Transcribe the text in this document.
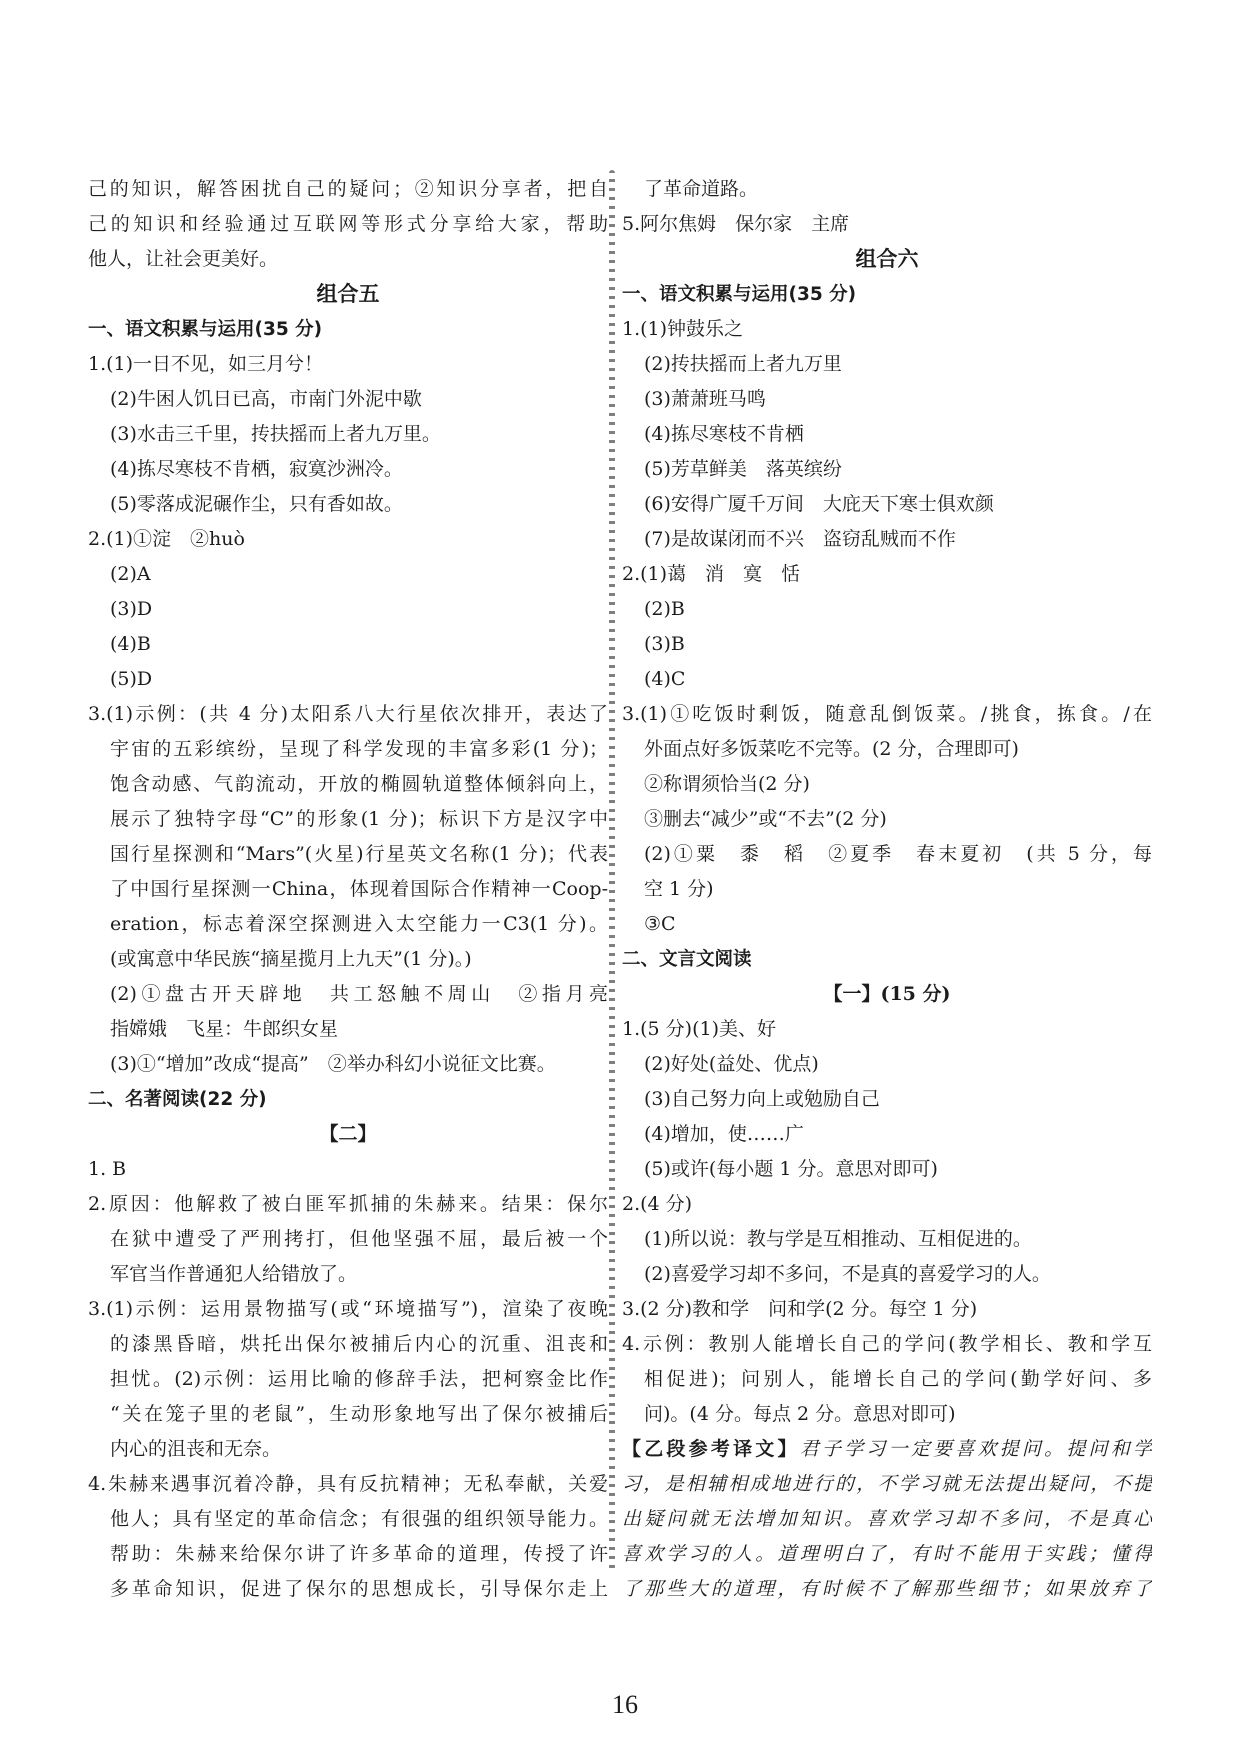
己的知识，解答困扰自己的疑问；②知识分享者，把自
己的知识和经验通过互联网等形式分享给大家，帮助
他人，让社会更美好。
组合五
一、语文积累与运用(35 分)
1.(1)一日不见，如三月兮！
(2)牛困人饥日已高，市南门外泥中歇
(3)水击三千里，抟扶摇而上者九万里。
(4)拣尽寒枝不肯栖，寂寞沙洲冷。
(5)零落成泥碾作尘，只有香如故。
2.(1)①淀　②huò
(2)A
(3)D
(4)B
(5)D
3.(1)示例：(共 4 分)太阳系八大行星依次排开，表达了
宇宙的五彩缤纷，呈现了科学发现的丰富多彩(1 分)；
饱含动感、气韵流动，开放的椭圆轨道整体倾斜向上，
展示了独特字母“C”的形象(1 分)；标识下方是汉字中
国行星探测和“Mars”(火星)行星英文名称(1 分)；代表
了中国行星探测一China，体现着国际合作精神一Coop-
eration，标志着深空探测进入太空能力一C3(1 分)。
(或寓意中华民族“摘星揽月上九天”(1 分)。)
(2)①盘古开天辟地　共工怒触不周山　②指月亮
指嫦娥　飞星：牛郎织女星
(3)①“增加”改成“提高”　②举办科幻小说征文比赛。
二、名著阅读(22 分)
【二】
1. B
2.原因：他解救了被白匪军抓捕的朱赫来。结果：保尔
在狱中遭受了严刑拷打，但他坚强不屈，最后被一个
军官当作普通犯人给错放了。
3.(1)示例：运用景物描写(或“环境描写”)，渲染了夜晚
的漆黑昏暗，烘托出保尔被捕后内心的沉重、沮丧和
担忧。(2)示例：运用比喻的修辞手法，把柯察金比作
“关在笼子里的老鼠”，生动形象地写出了保尔被捕后
内心的沮丧和无奈。
4.朱赫来遇事沉着冷静，具有反抗精神；无私奉献，关爱
他人；具有坚定的革命信念；有很强的组织领导能力。
帮助：朱赫来给保尔讲了许多革命的道理，传授了许
多革命知识，促进了保尔的思想成长，引导保尔走上
了革命道路。
5.阿尔焦姆　保尔家　主席
组合六
一、语文积累与运用(35 分)
1.(1)钟鼓乐之
(2)抟扶摇而上者九万里
(3)萧萧班马鸣
(4)拣尽寒枝不肯栖
(5)芳草鲜美　落英缤纷
(6)安得广厦千万间　大庇天下寒士俱欢颜
(7)是故谋闭而不兴　盗窃乱贼而不作
2.(1)蔼　消　寞　恬
(2)B
(3)B
(4)C
3.(1)①吃饭时剩饭，随意乱倒饭菜。/挑食，拣食。/在
外面点好多饭菜吃不完等。(2 分，合理即可)
②称谓须恰当(2 分)
③删去“减少”或“不去”(2 分)
(2)①粟　黍　稻　②夏季　春末夏初　(共 5 分，每
空 1 分)
③C
二、文言文阅读
【一】(15 分)
1.(5 分)(1)美、好
(2)好处(益处、优点)
(3)自己努力向上或勉励自己
(4)增加，使……广
(5)或许(每小题 1 分。意思对即可)
2.(4 分)
(1)所以说：教与学是互相推动、互相促进的。
(2)喜爱学习却不多问，不是真的喜爱学习的人。
3.(2 分)教和学　问和学(2 分。每空 1 分)
4.示例：教别人能增长自己的学问(教学相长、教和学互
相促进)；问别人，能增长自己的学问(勤学好问、多
问)。(4 分。每点 2 分。意思对即可)
【乙段参考译文】君子学习一定要喜欢提问。提问和学
习，是相辅相成地进行的，不学习就无法提出疑问，不提
出疑问就无法增加知识。喜欢学习却不多问，不是真心
喜欢学习的人。道理明白了，有时不能用于实践；懂得
了那些大的道理，有时候不了解那些细节；如果放弃了
16
